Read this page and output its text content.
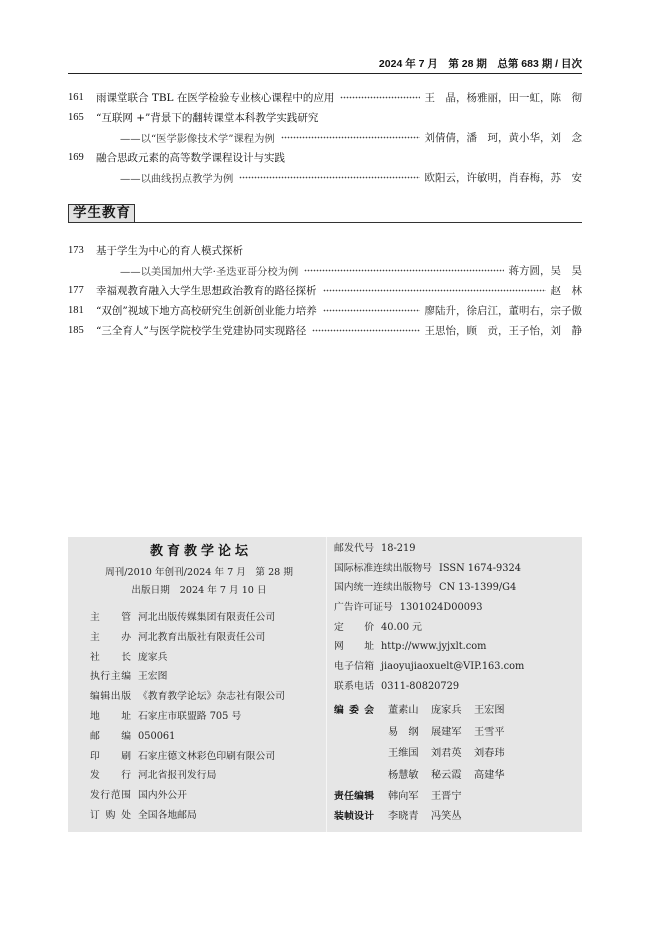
2024 年 7 月　第 28 期　总第 683 期 / 目次
161	雨课堂联合 TBL 在医学检验专业核心课程中的应用	王　晶，杨雅丽，田一虹，陈　彻
165	“互联网 +”背景下的翻转课堂本科教学实践研究
——以“医学影像技术学”课程为例	刘倩倩，潘　珂，黄小华，刘　念
169	融合思政元素的高等数学课程设计与实践
——以曲线拐点教学为例	欧阳云，许敏明，肖春梅，苏　安
学生教育
173	基于学生为中心的育人模式探析
——以美国加州大学·圣迭亚哥分校为例	蒋方圆，吴　昊
177	幸福观教育融入大学生思想政治教育的路径探析	赵　林
181	“双创”视域下地方高校研究生创新创业能力培养	廖陆升，徐启江，董明右，宗子傲
185	“三全育人”与医学院校学生党建协同实现路径	王思怡，顾　贡，王子怡，刘　静
教育教学论坛
周刊/2010 年创刊/2024 年 7 月　第 28 期
出版日期 2024 年 7 月 10 日
主　　管 河北出版传媒集团有限责任公司
主　　办 河北教育出版社有限责任公司
社　　长 庞家兵
执行主编 王宏图
编辑出版 《教育教学论坛》杂志社有限公司
地　　址 石家庄市联盟路 705 号
邮　　编 050061
印　　刷 石家庄德文林彩色印刷有限公司
发　　行 河北省报刊发行局
发行范围 国内外公开
订 购 处 全国各地邮局
邮发代号 18-219
国际标准连续出版物号 ISSN 1674-9324
国内统一连续出版物号 CN 13-1399/G4
广告许可证号 1301024D00093
定　　价 40.00 元
网　　址 http://www.jyjxlt.com
电子信箱 jiaoyujiaoxuelt@VIP.163.com
联系电话 0311-80820729
编 委 会 董素山	庞家兵	王宏图
易　纲	展建军	王雪平
王维国	刘君英	刘春玮
杨慧敏	秘云霞	高建华
责任编辑 韩向军	王晋宁
装帧设计 李晓青	冯笑丛
